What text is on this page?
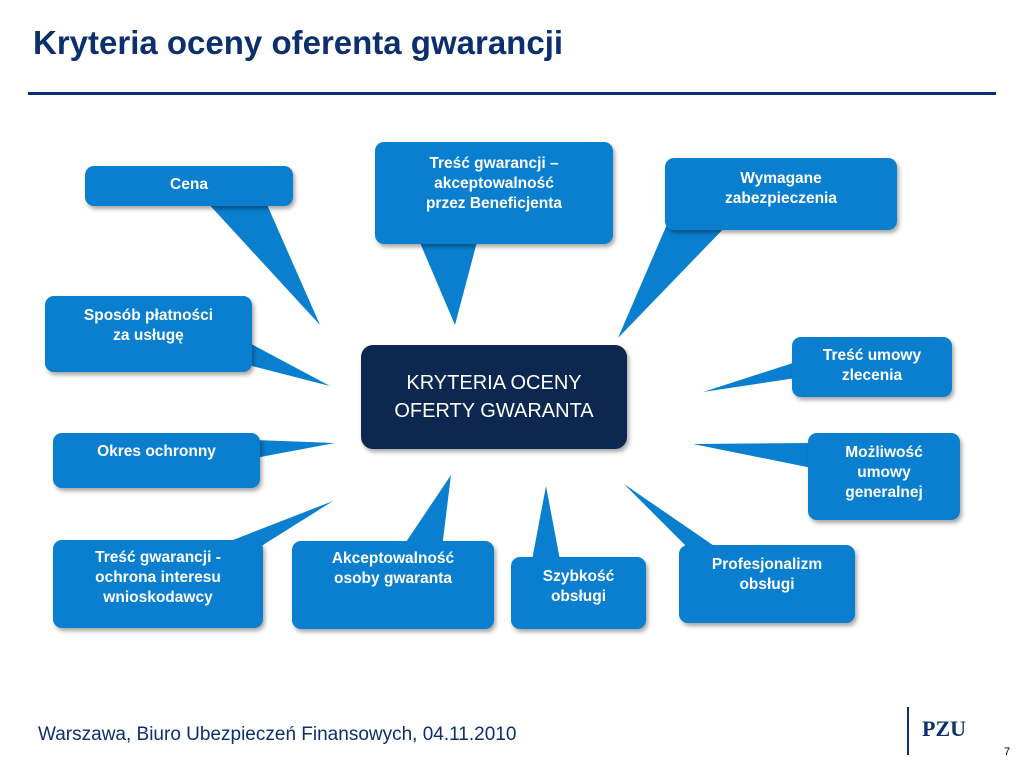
Kryteria oceny oferenta gwarancji
Cena
Treść gwarancji –
akceptowalność
przez Beneficjenta
Wymagane
zabezpieczenia
Sposób płatności
za usługę
Treść umowy
zlecenia
Okres ochronny	Możliwość
umowy
generalnej
Treść gwarancji -
ochrona interesu
wnioskodawcy
Akceptowalność
osoby gwaranta	Szybkość
obsługi
Profesjonalizm
obsługi
KRYTERIA OCENY
OFERTY GWARANTA
Warszawa, Biuro Ubezpieczeń Finansowych, 04.11.2010	PZU
7
